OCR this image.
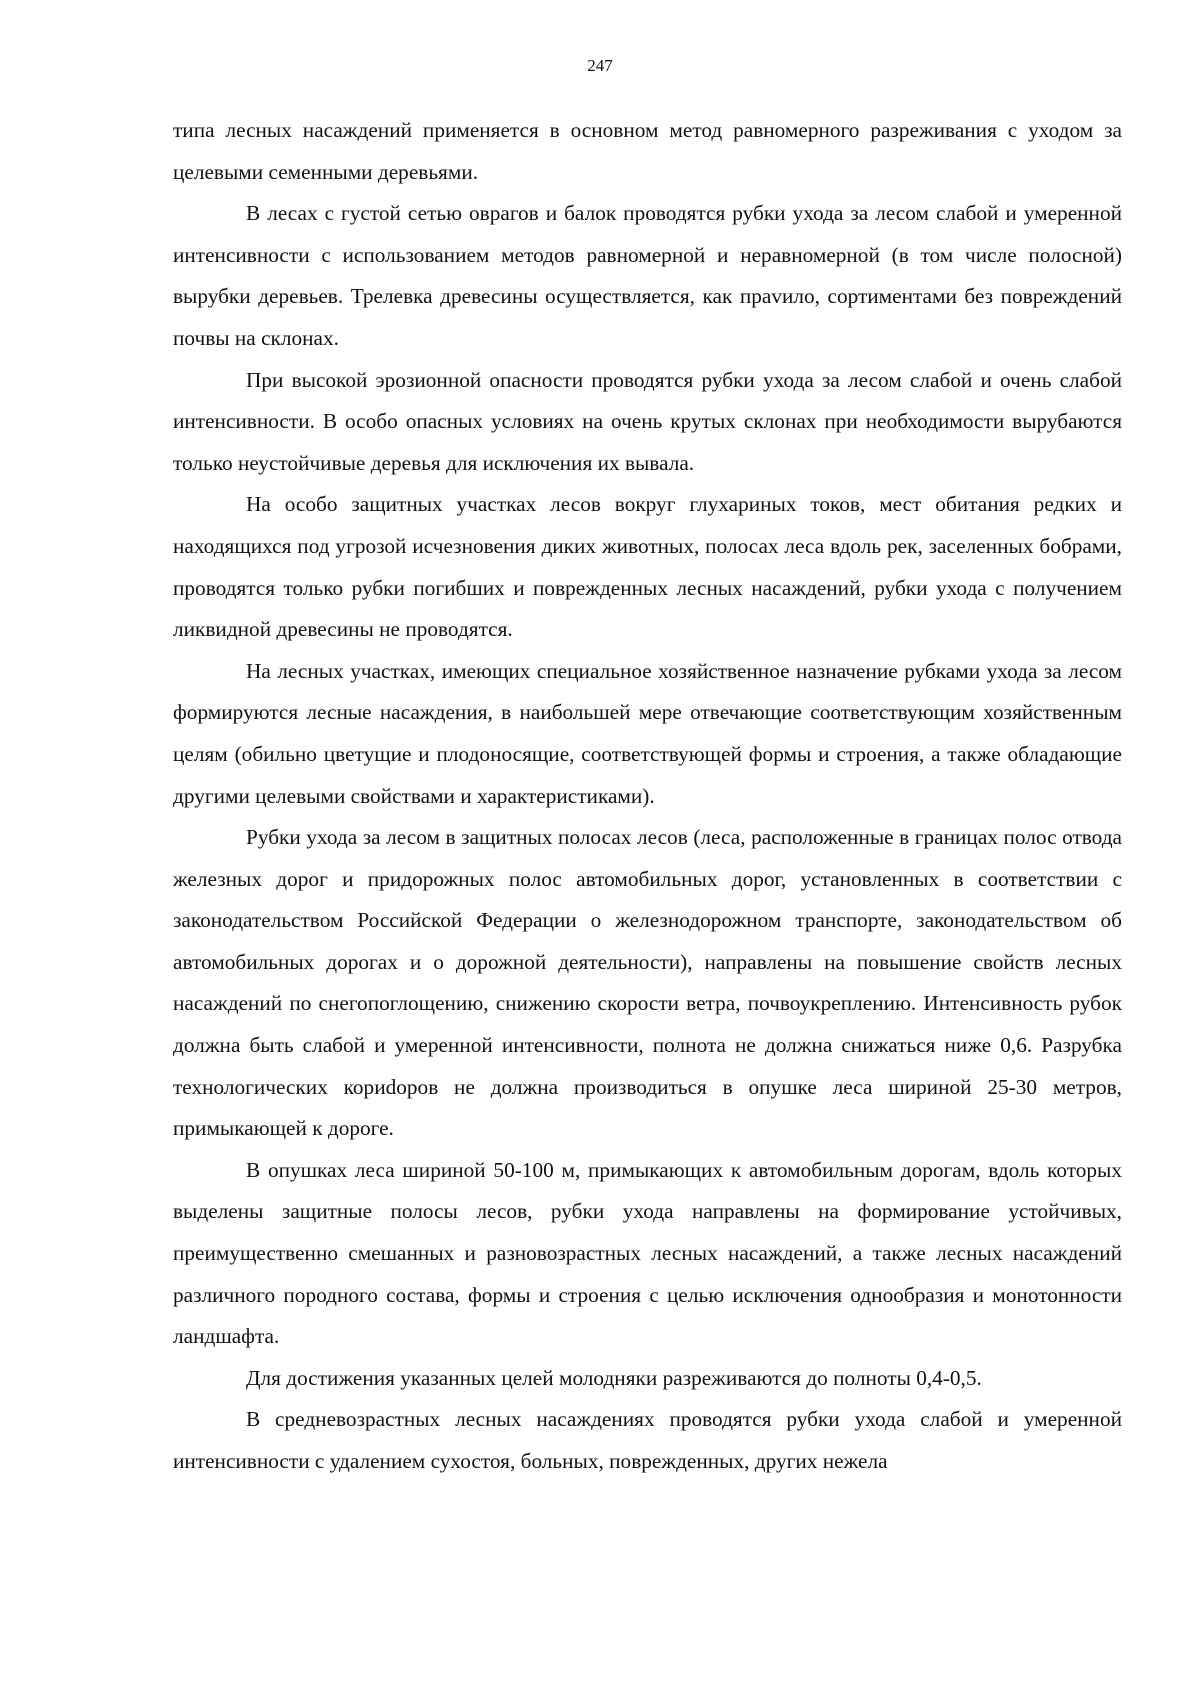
247

типа лесных насаждений применяется в основном метод равномерного разреживания с уходом за целевыми семенными деревьями.

В лесах с густой сетью оврагов и балок проводятся рубки ухода за лесом слабой и умеренной интенсивности с использованием методов равномерной и неравномерной (в том числе полосной) вырубки деревьев. Трелевка древесины осуществляется, как праvило, сортиментами без повреждений почвы на склонах.

При высокой эрозионной опасности проводятся рубки ухода за лесом слабой и очень слабой интенсивности. В особо опасных условиях на очень крутых склонах при необходимости вырубаются только неустойчивые деревья для исключения их вывала.

На особо защитных участках лесов вокруг глухариных токов, мест обитания редких и находящихся под угрозой исчезновения диких животных, полосах леса вдоль рек, заселенных бобрами, проводятся только рубки погибших и поврежденных лесных насаждений, рубки ухода с получением ликвидной древесины не проводятся.

На лесных участках, имеющих специальное хозяйственное назначение рубками ухода за лесом формируются лесные насаждения, в наибольшей мере отвечающие соответствующим хозяйственным целям (обильно цветущие и плодоносящие, соответствующей формы и строения, а также обладающие другими целевыми свойствами и характеристиками).

Рубки ухода за лесом в защитных полосах лесов (леса, расположенные в границах полос отвода железных дорог и придорожных полос автомобильных дорог, установленных в соответствии с законодательством Российской Федерации о железнодорожном транспорте, законодательством об автомобильных дорогах и о дорожной деятельности), направлены на повышение свойств лесных насаждений по снегопоглощению, снижению скорости ветра, почвоукреплению. Интенсивность рубок должна быть слабой и умеренной интенсивности, полнота не должна снижаться ниже 0,6. Разрубка технологических кориdоров не должна производиться в опушке леса шириной 25-30 метров, примыкающей к дороге.

В опушках леса шириной 50-100 м, примыкающих к автомобильным дорогам, вдоль которых выделены защитные полосы лесов, рубки ухода направлены на формирование устойчивых, преимущественно смешанных и разновозрастных лесных насаждений, а также лесных насаждений различного породного состава, формы и строения с целью исключения однообразия и монотонности ландшафта.

Для достижения указанных целей молодняки разреживаются до полноты 0,4-0,5.

В средневозрастных лесных насаждениях проводятся рубки ухода слабой и умеренной интенсивности с удалением сухостоя, больных, поврежденных, других нежела
